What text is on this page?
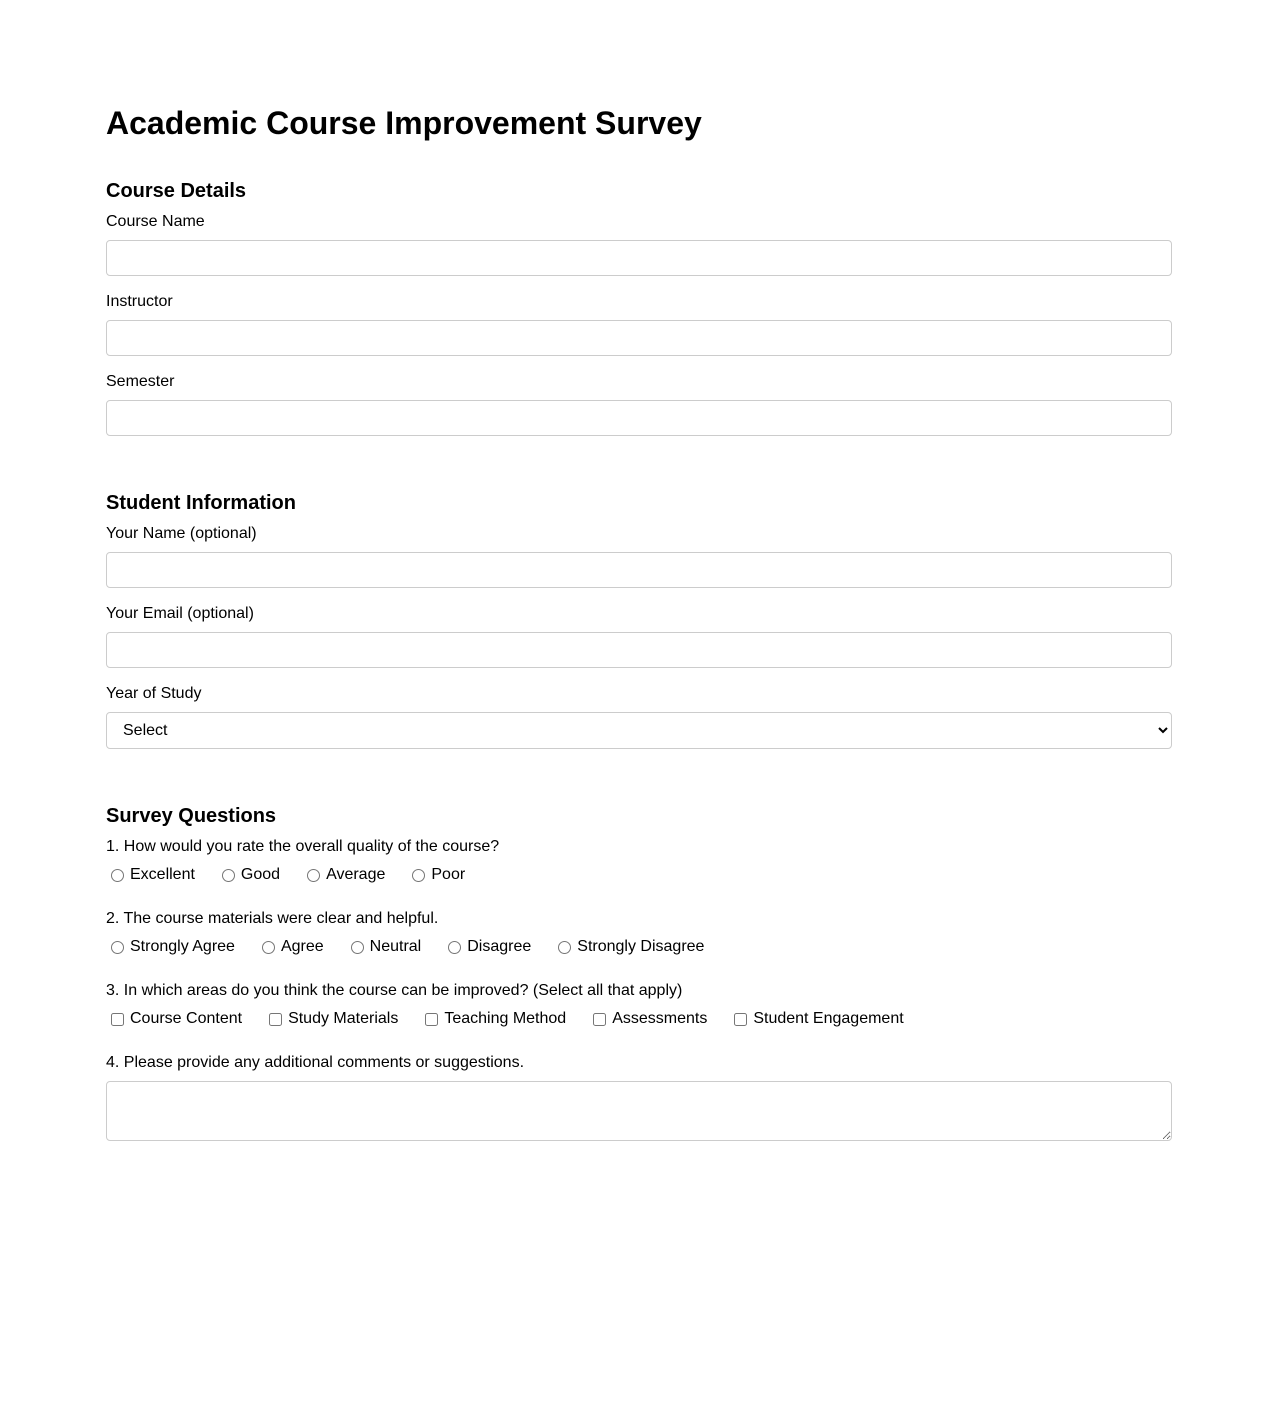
Academic Course Improvement Survey
Course Details
Course Name
Instructor
Semester
Student Information
Your Name (optional)
Your Email (optional)
Year of Study
Select
Survey Questions
1. How would you rate the overall quality of the course?
Excellent	Good	Average	Poor
2. The course materials were clear and helpful.
Strongly Agree	Agree	Neutral	Disagree	Strongly Disagree
3. In which areas do you think the course can be improved? (Select all that apply)
Course Content	Study Materials	Teaching Method	Assessments	Student Engagement
4. Please provide any additional comments or suggestions.
